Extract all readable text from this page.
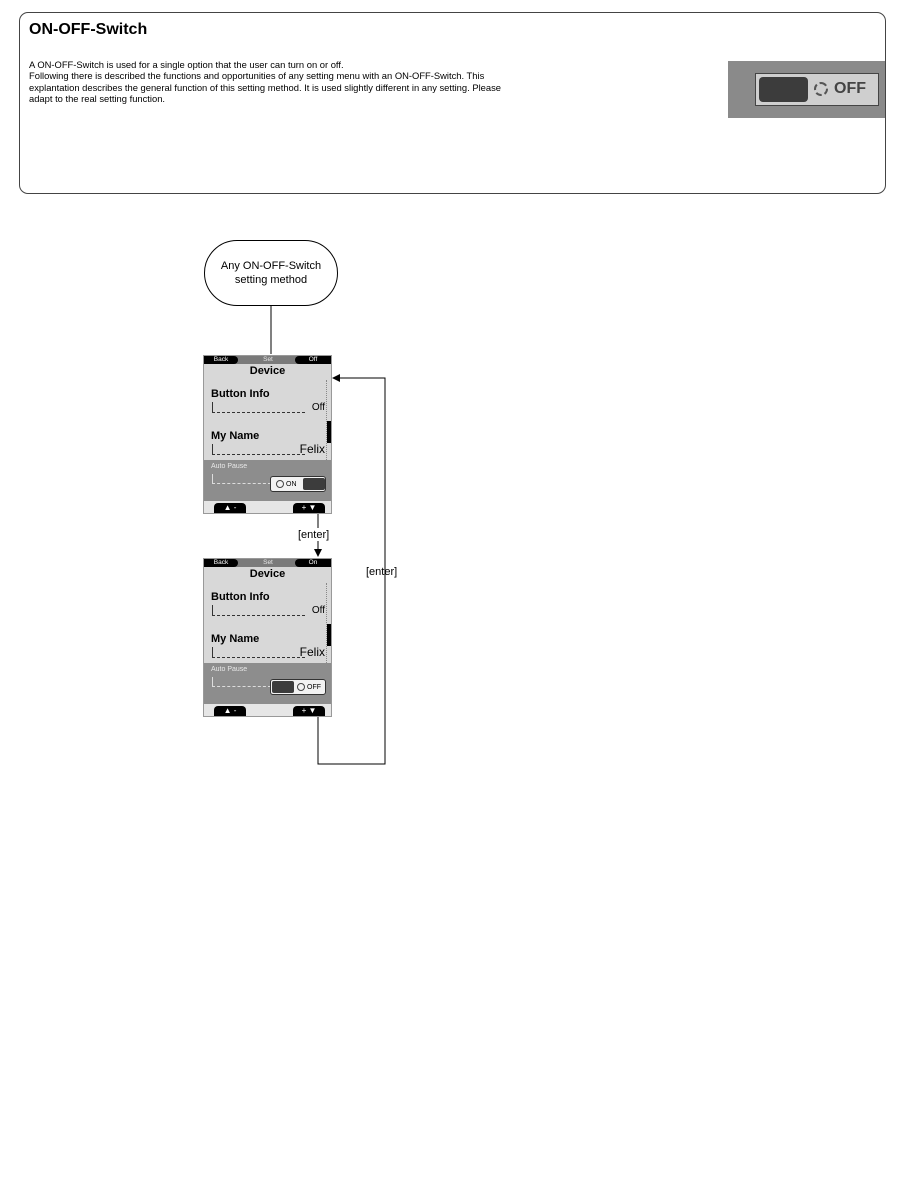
ON-OFF-Switch
A ON-OFF-Switch is used for a single option that the user can turn on or off.
Following there is described the functions and opportunities of any setting menu with an ON-OFF-Switch. This
explantation describes the general function of this setting method. It is used slightly different in any setting. Please
adapt to the real setting function.
OFF
Any ON-OFF-Switch
setting method
[enter]
[enter]
Back	Set	Off
Device
Button Info
Off
My Name
Felix
Auto Pause
ON
▲ -	+ ▼
Back	Set	On
Device
Button Info
Off
My Name
Felix
Auto Pause
OFF
▲ -	+ ▼
